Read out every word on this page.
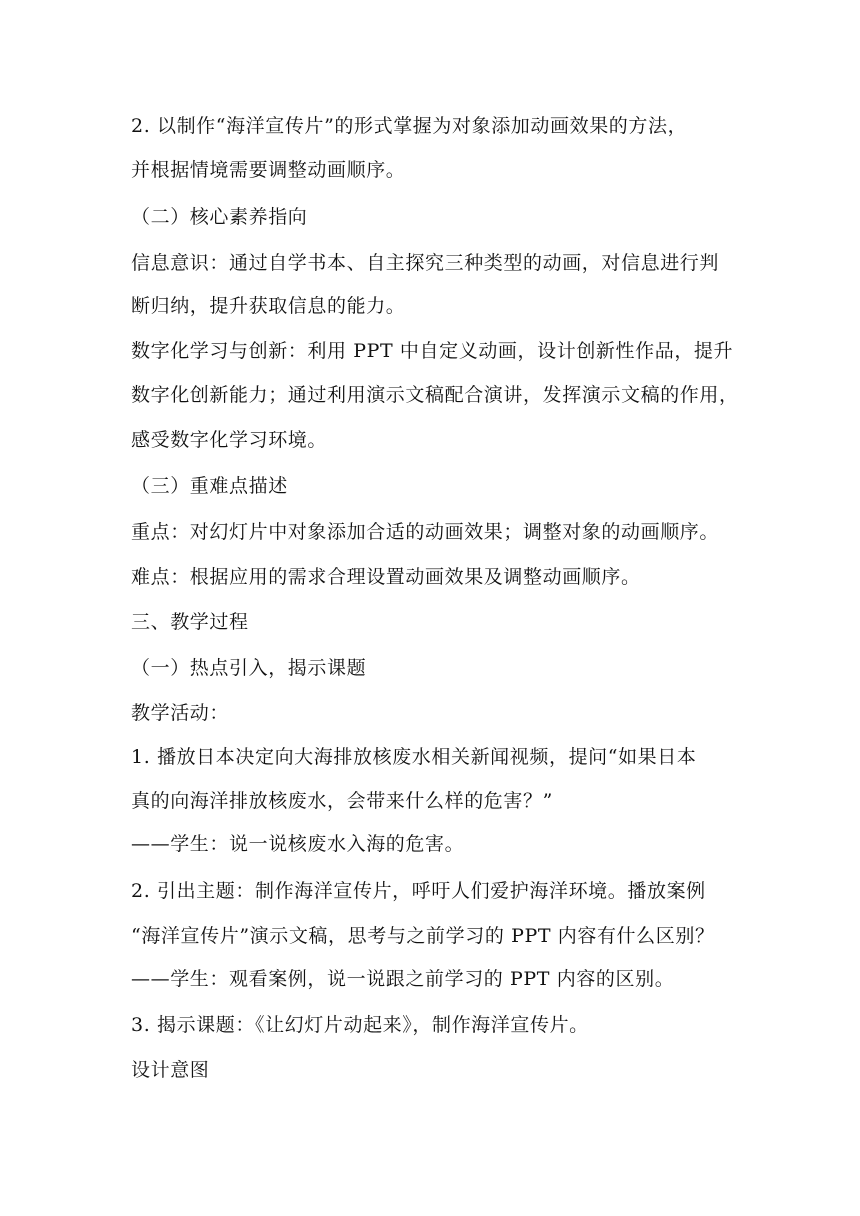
2. 以制作“海洋宣传片”的形式掌握为对象添加动画效果的方法，
并根据情境需要调整动画顺序。
（二）核心素养指向
信息意识：通过自学书本、自主探究三种类型的动画，对信息进行判
断归纳，提升获取信息的能力。
数字化学习与创新：利用 PPT 中自定义动画，设计创新性作品，提升
数字化创新能力；通过利用演示文稿配合演讲，发挥演示文稿的作用，
感受数字化学习环境。
（三）重难点描述
重点：对幻灯片中对象添加合适的动画效果；调整对象的动画顺序。
难点：根据应用的需求合理设置动画效果及调整动画顺序。
三、教学过程
（一）热点引入，揭示课题
教学活动：
1. 播放日本决定向大海排放核废水相关新闻视频，提问“如果日本
真的向海洋排放核废水，会带来什么样的危害？”
——学生：说一说核废水入海的危害。
2. 引出主题：制作海洋宣传片，呼吁人们爱护海洋环境。播放案例
“海洋宣传片”演示文稿，思考与之前学习的 PPT 内容有什么区别？
——学生：观看案例，说一说跟之前学习的 PPT 内容的区别。
3. 揭示课题：《让幻灯片动起来》，制作海洋宣传片。
设计意图
